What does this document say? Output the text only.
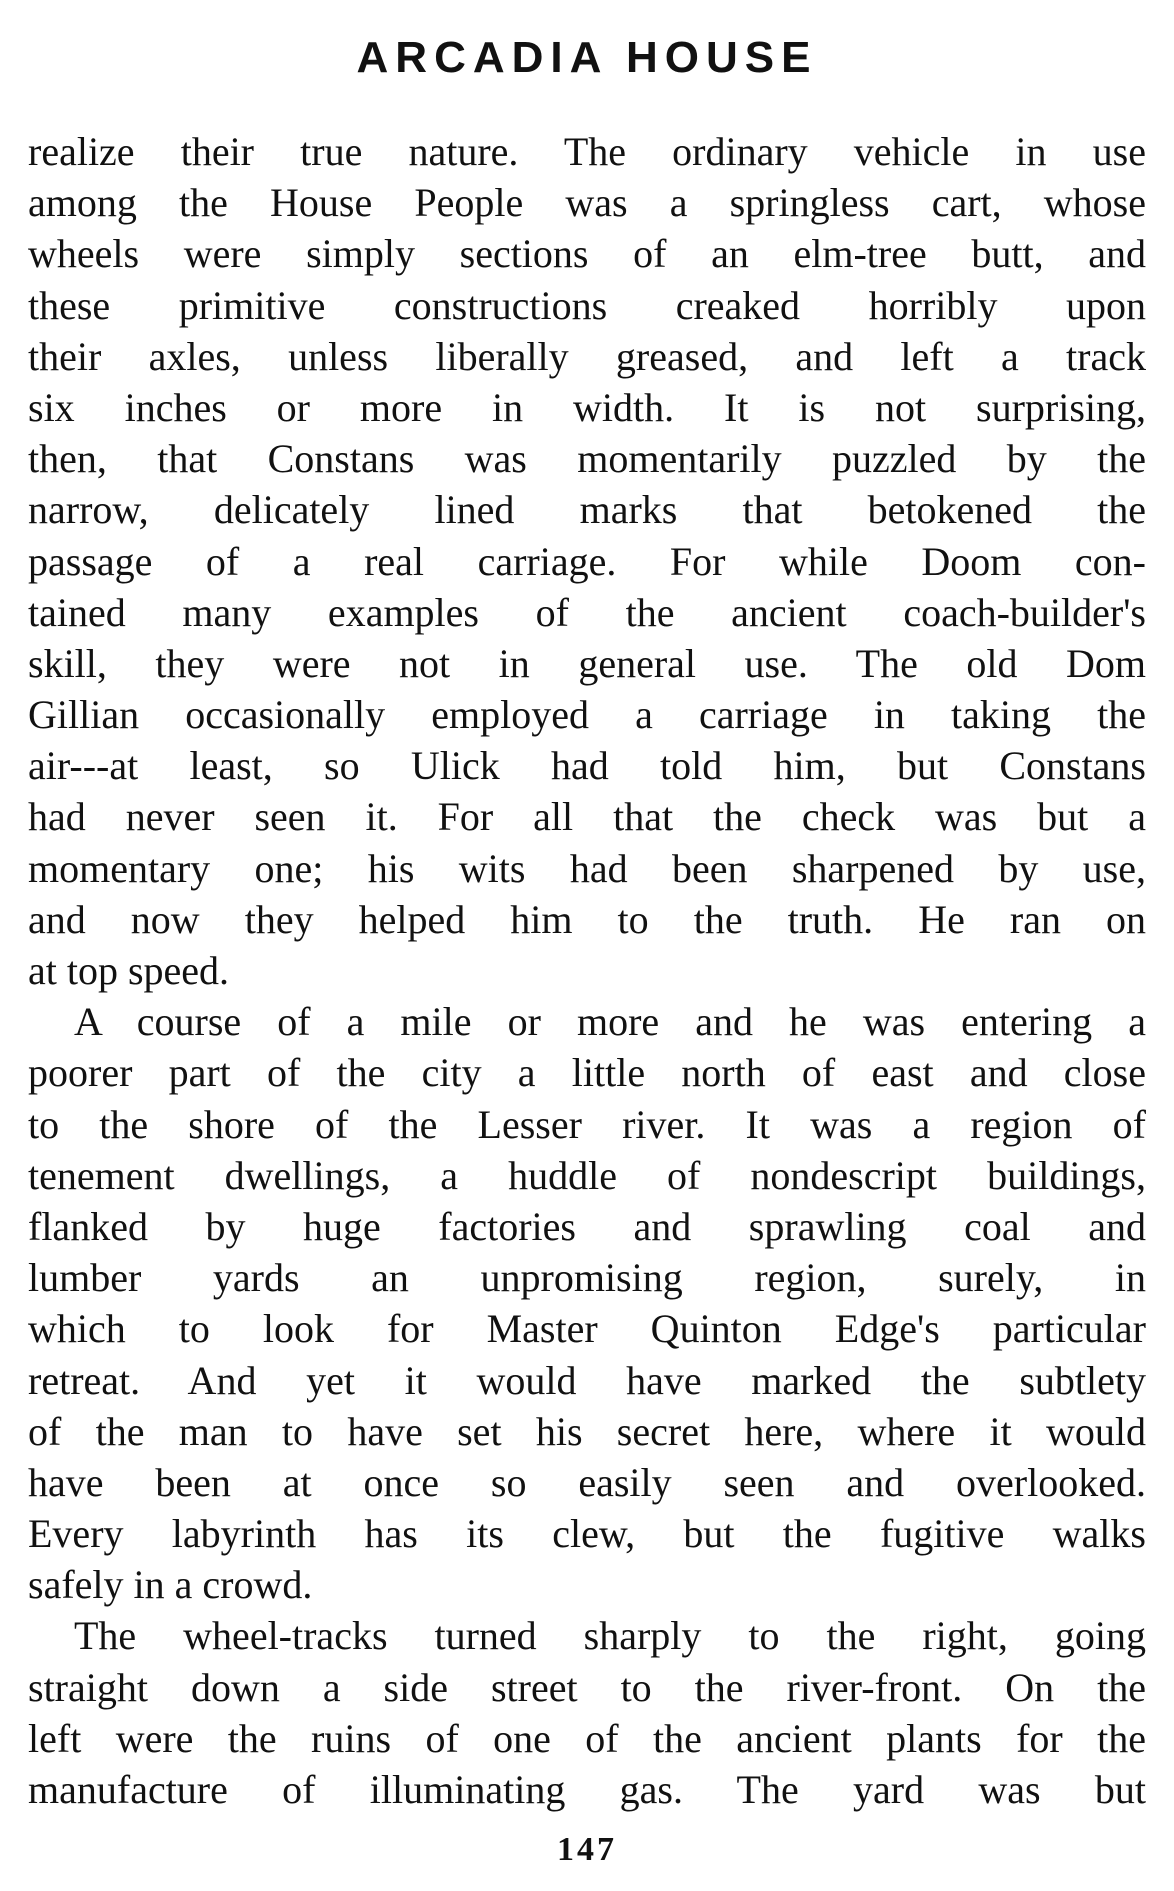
ARCADIA HOUSE
realize their true nature. The ordinary vehicle in use
among the House People was a springless cart, whose
wheels were simply sections of an elm-tree butt, and
these primitive constructions creaked horribly upon
their axles, unless liberally greased, and left a track
six inches or more in width. It is not surprising,
then, that Constans was momentarily puzzled by the
narrow, delicately lined marks that betokened the
passage of a real carriage. For while Doom con-
tained many examples of the ancient coach-builder's
skill, they were not in general use. The old Dom
Gillian occasionally employed a carriage in taking the
air---at least, so Ulick had told him, but Constans
had never seen it. For all that the check was but a
momentary one; his wits had been sharpened by use,
and now they helped him to the truth. He ran on
at top speed.
A course of a mile or more and he was entering a
poorer part of the city a little north of east and close
to the shore of the Lesser river. It was a region of
tenement dwellings, a huddle of nondescript buildings,
flanked by huge factories and sprawling coal and
lumber yards an unpromising region, surely, in
which to look for Master Quinton Edge's particular
retreat. And yet it would have marked the subtlety
of the man to have set his secret here, where it would
have been at once so easily seen and overlooked.
Every labyrinth has its clew, but the fugitive walks
safely in a crowd.
The wheel-tracks turned sharply to the right, going
straight down a side street to the river-front. On the
left were the ruins of one of the ancient plants for the
manufacture of illuminating gas. The yard was but
147
